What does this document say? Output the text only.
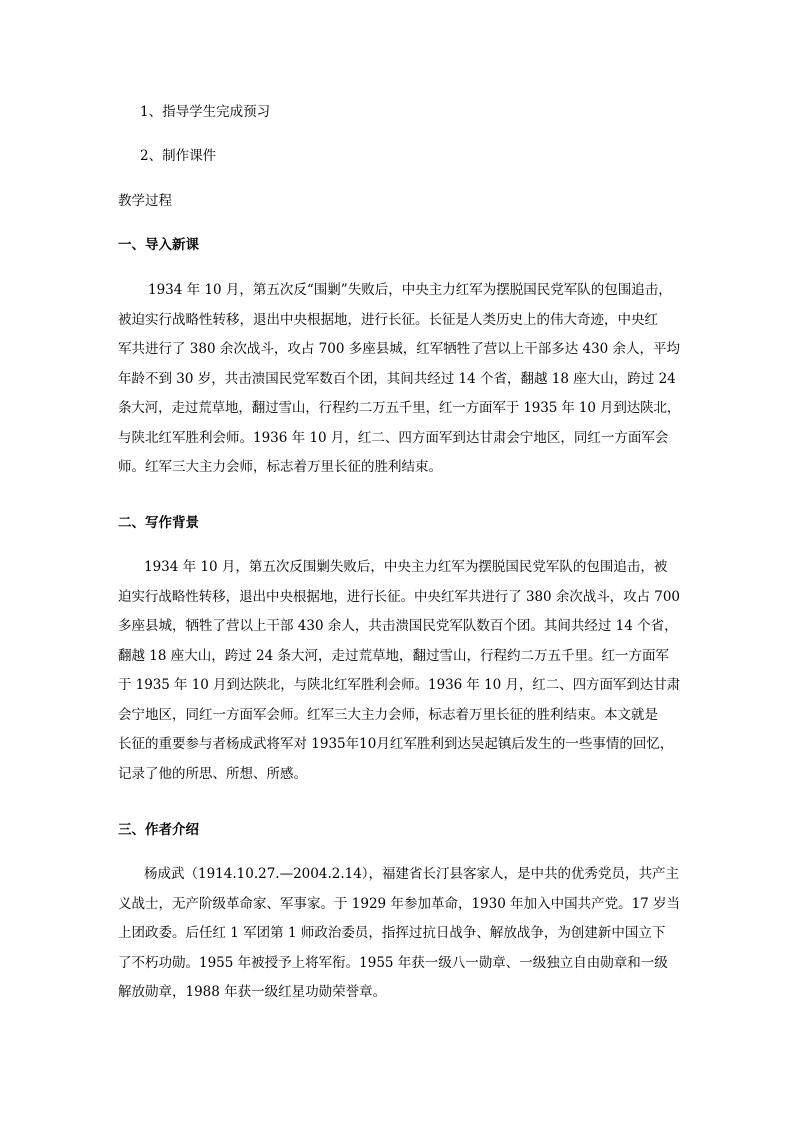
1、指导学生完成预习
2、制作课件
教学过程
一、导入新课
1934 年 10 月，第五次反“围剿”失败后，中央主力红军为摆脱国民党军队的包围追击，
被迫实行战略性转移，退出中央根据地，进行长征。长征是人类历史上的伟大奇迹，中央红
军共进行了 380 余次战斗，攻占 700 多座县城，红军牺牲了营以上干部多达 430 余人，平均
年龄不到 30 岁，共击溃国民党军数百个团，其间共经过 14 个省，翻越 18 座大山，跨过 24
条大河，走过荒草地，翻过雪山，行程约二万五千里，红一方面军于 1935 年 10 月到达陕北，
与陕北红军胜利会师。1936 年 10 月，红二、四方面军到达甘肃会宁地区，同红一方面军会
师。红军三大主力会师，标志着万里长征的胜利结束。
二、写作背景
1934 年 10 月，第五次反围剿失败后，中央主力红军为摆脱国民党军队的包围追击，被
迫实行战略性转移，退出中央根据地，进行长征。中央红军共进行了 380 余次战斗，攻占 700
多座县城，牺牲了营以上干部 430 余人，共击溃国民党军队数百个团。其间共经过 14 个省，
翻越 18 座大山，跨过 24 条大河，走过荒草地，翻过雪山，行程约二万五千里。红一方面军
于 1935 年 10 月到达陕北，与陕北红军胜利会师。1936 年 10 月，红二、四方面军到达甘肃
会宁地区，同红一方面军会师。红军三大主力会师，标志着万里长征的胜利结束。本文就是
长征的重要参与者杨成武将军对 1935年10月红军胜利到达吴起镇后发生的一些事情的回忆，
记录了他的所思、所想、所感。
三、作者介绍
杨成武（1914.10.27.—2004.2.14），福建省长汀县客家人，是中共的优秀党员，共产主
义战士，无产阶级革命家、军事家。于 1929 年参加革命，1930 年加入中国共产党。17 岁当
上团政委。后任红 1 军团第 1 师政治委员，指挥过抗日战争、解放战争，为创建新中国立下
了不朽功勋。1955 年被授予上将军衔。1955 年获一级八一勋章、一级独立自由勋章和一级
解放勋章，1988 年获一级红星功勋荣誉章。
